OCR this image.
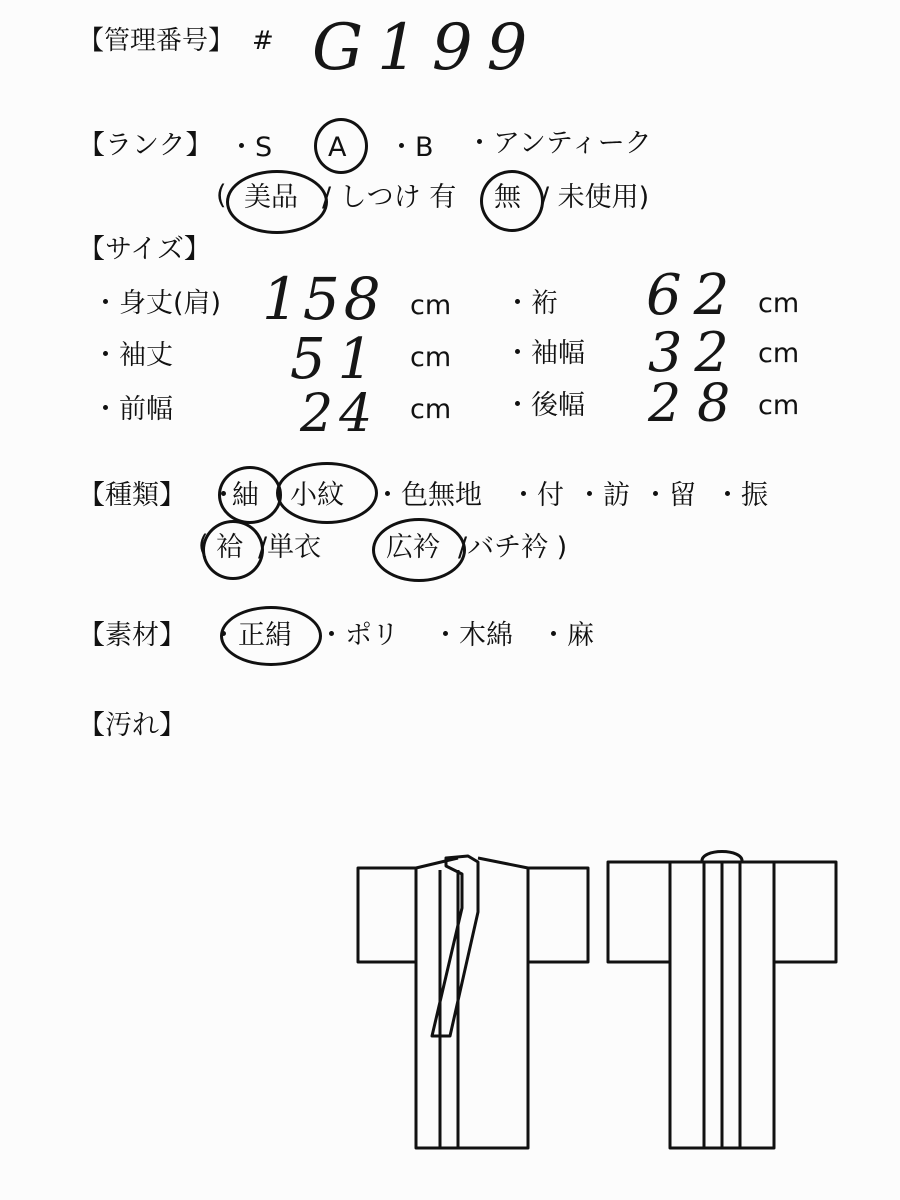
【管理番号】 # G199
【ランク】 ・S A ・B ・アンティーク
( 美品 / しつけ 有 無 / 未使用)
【サイズ】
・身丈(肩) 158 cm ・裄 62 cm
・袖丈 51 cm ・袖幅 32 cm
・前幅 24 cm ・後幅 28 cm
【種類】 ・
紬 小紋 ・色無地 ・付 ・訪 ・留 ・振
( 袷 /単衣 広衿 /バチ衿 )
【素材】 ・ 正絹 ・ポリ ・木綿 ・麻
【汚れ】
